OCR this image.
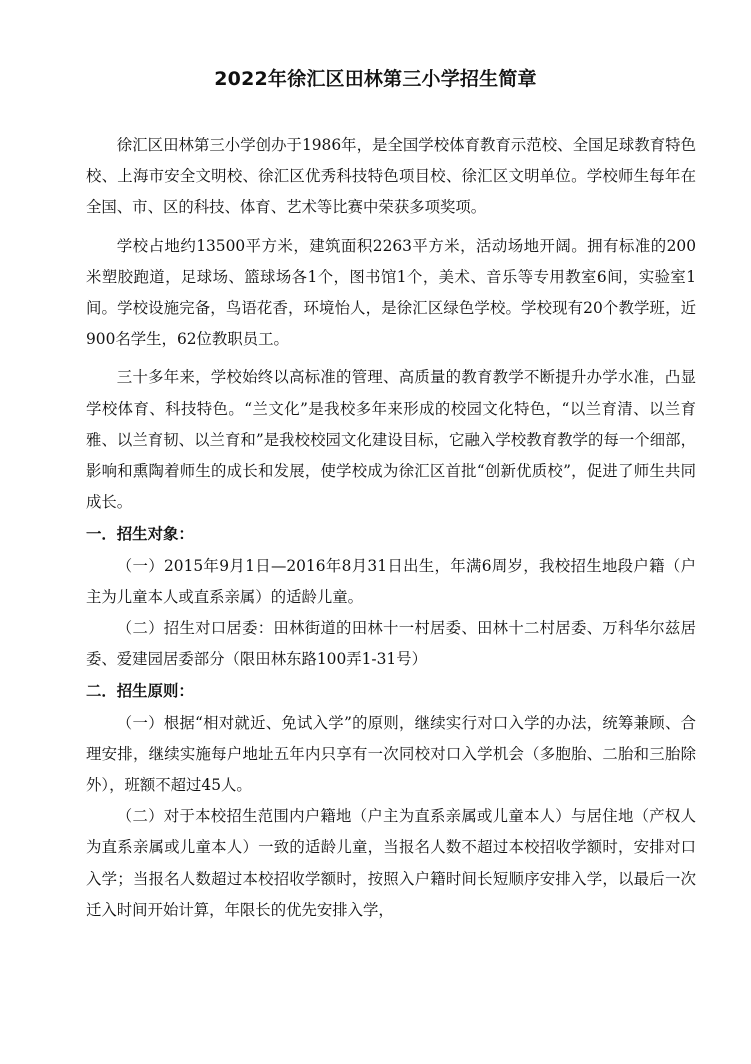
2022年徐汇区田林第三小学招生简章

徐汇区田林第三小学创办于1986年，是全国学校体育教育示范校、全国足球教育特色校、上海市安全文明校、徐汇区优秀科技特色项目校、徐汇区文明单位。学校师生每年在全国、市、区的科技、体育、艺术等比赛中荣获多项奖项。

学校占地约13500平方米，建筑面积2263平方米，活动场地开阔。拥有标准的200米塑胶跑道，足球场、篮球场各1个，图书馆1个，美术、音乐等专用教室6间，实验室1间。学校设施完备，鸟语花香，环境怡人，是徐汇区绿色学校。学校现有20个教学班，近900名学生，62位教职员工。

三十多年来，学校始终以高标准的管理、高质量的教育教学不断提升办学水准，凸显学校体育、科技特色。“兰文化”是我校多年来形成的校园文化特色，“以兰育清、以兰育雅、以兰育韧、以兰育和”是我校校园文化建设目标，它融入学校教育教学的每一个细部，影响和熏陶着师生的成长和发展，使学校成为徐汇区首批“创新优质校”，促进了师生共同成长。

一．招生对象：

（一）2015年9月1日—2016年8月31日出生，年满6周岁，我校招生地段户籍（户主为儿童本人或直系亲属）的适龄儿童。

（二）招生对口居委：田林街道的田林十一村居委、田林十二村居委、万科华尔兹居委、爱建园居委部分（限田林东路100弄1-31号）

二．招生原则：

（一）根据“相对就近、免试入学”的原则，继续实行对口入学的办法，统筹兼顾、合理安排，继续实施每户地址五年内只享有一次同校对口入学机会（多胞胎、二胎和三胎除外），班额不超过45人。

（二）对于本校招生范围内户籍地（户主为直系亲属或儿童本人）与居住地（产权人为直系亲属或儿童本人）一致的适龄儿童，当报名人数不超过本校招收学额时，安排对口入学；当报名人数超过本校招收学额时，按照入户籍时间长短顺序安排入学，以最后一次迁入时间开始计算，年限长的优先安排入学，
